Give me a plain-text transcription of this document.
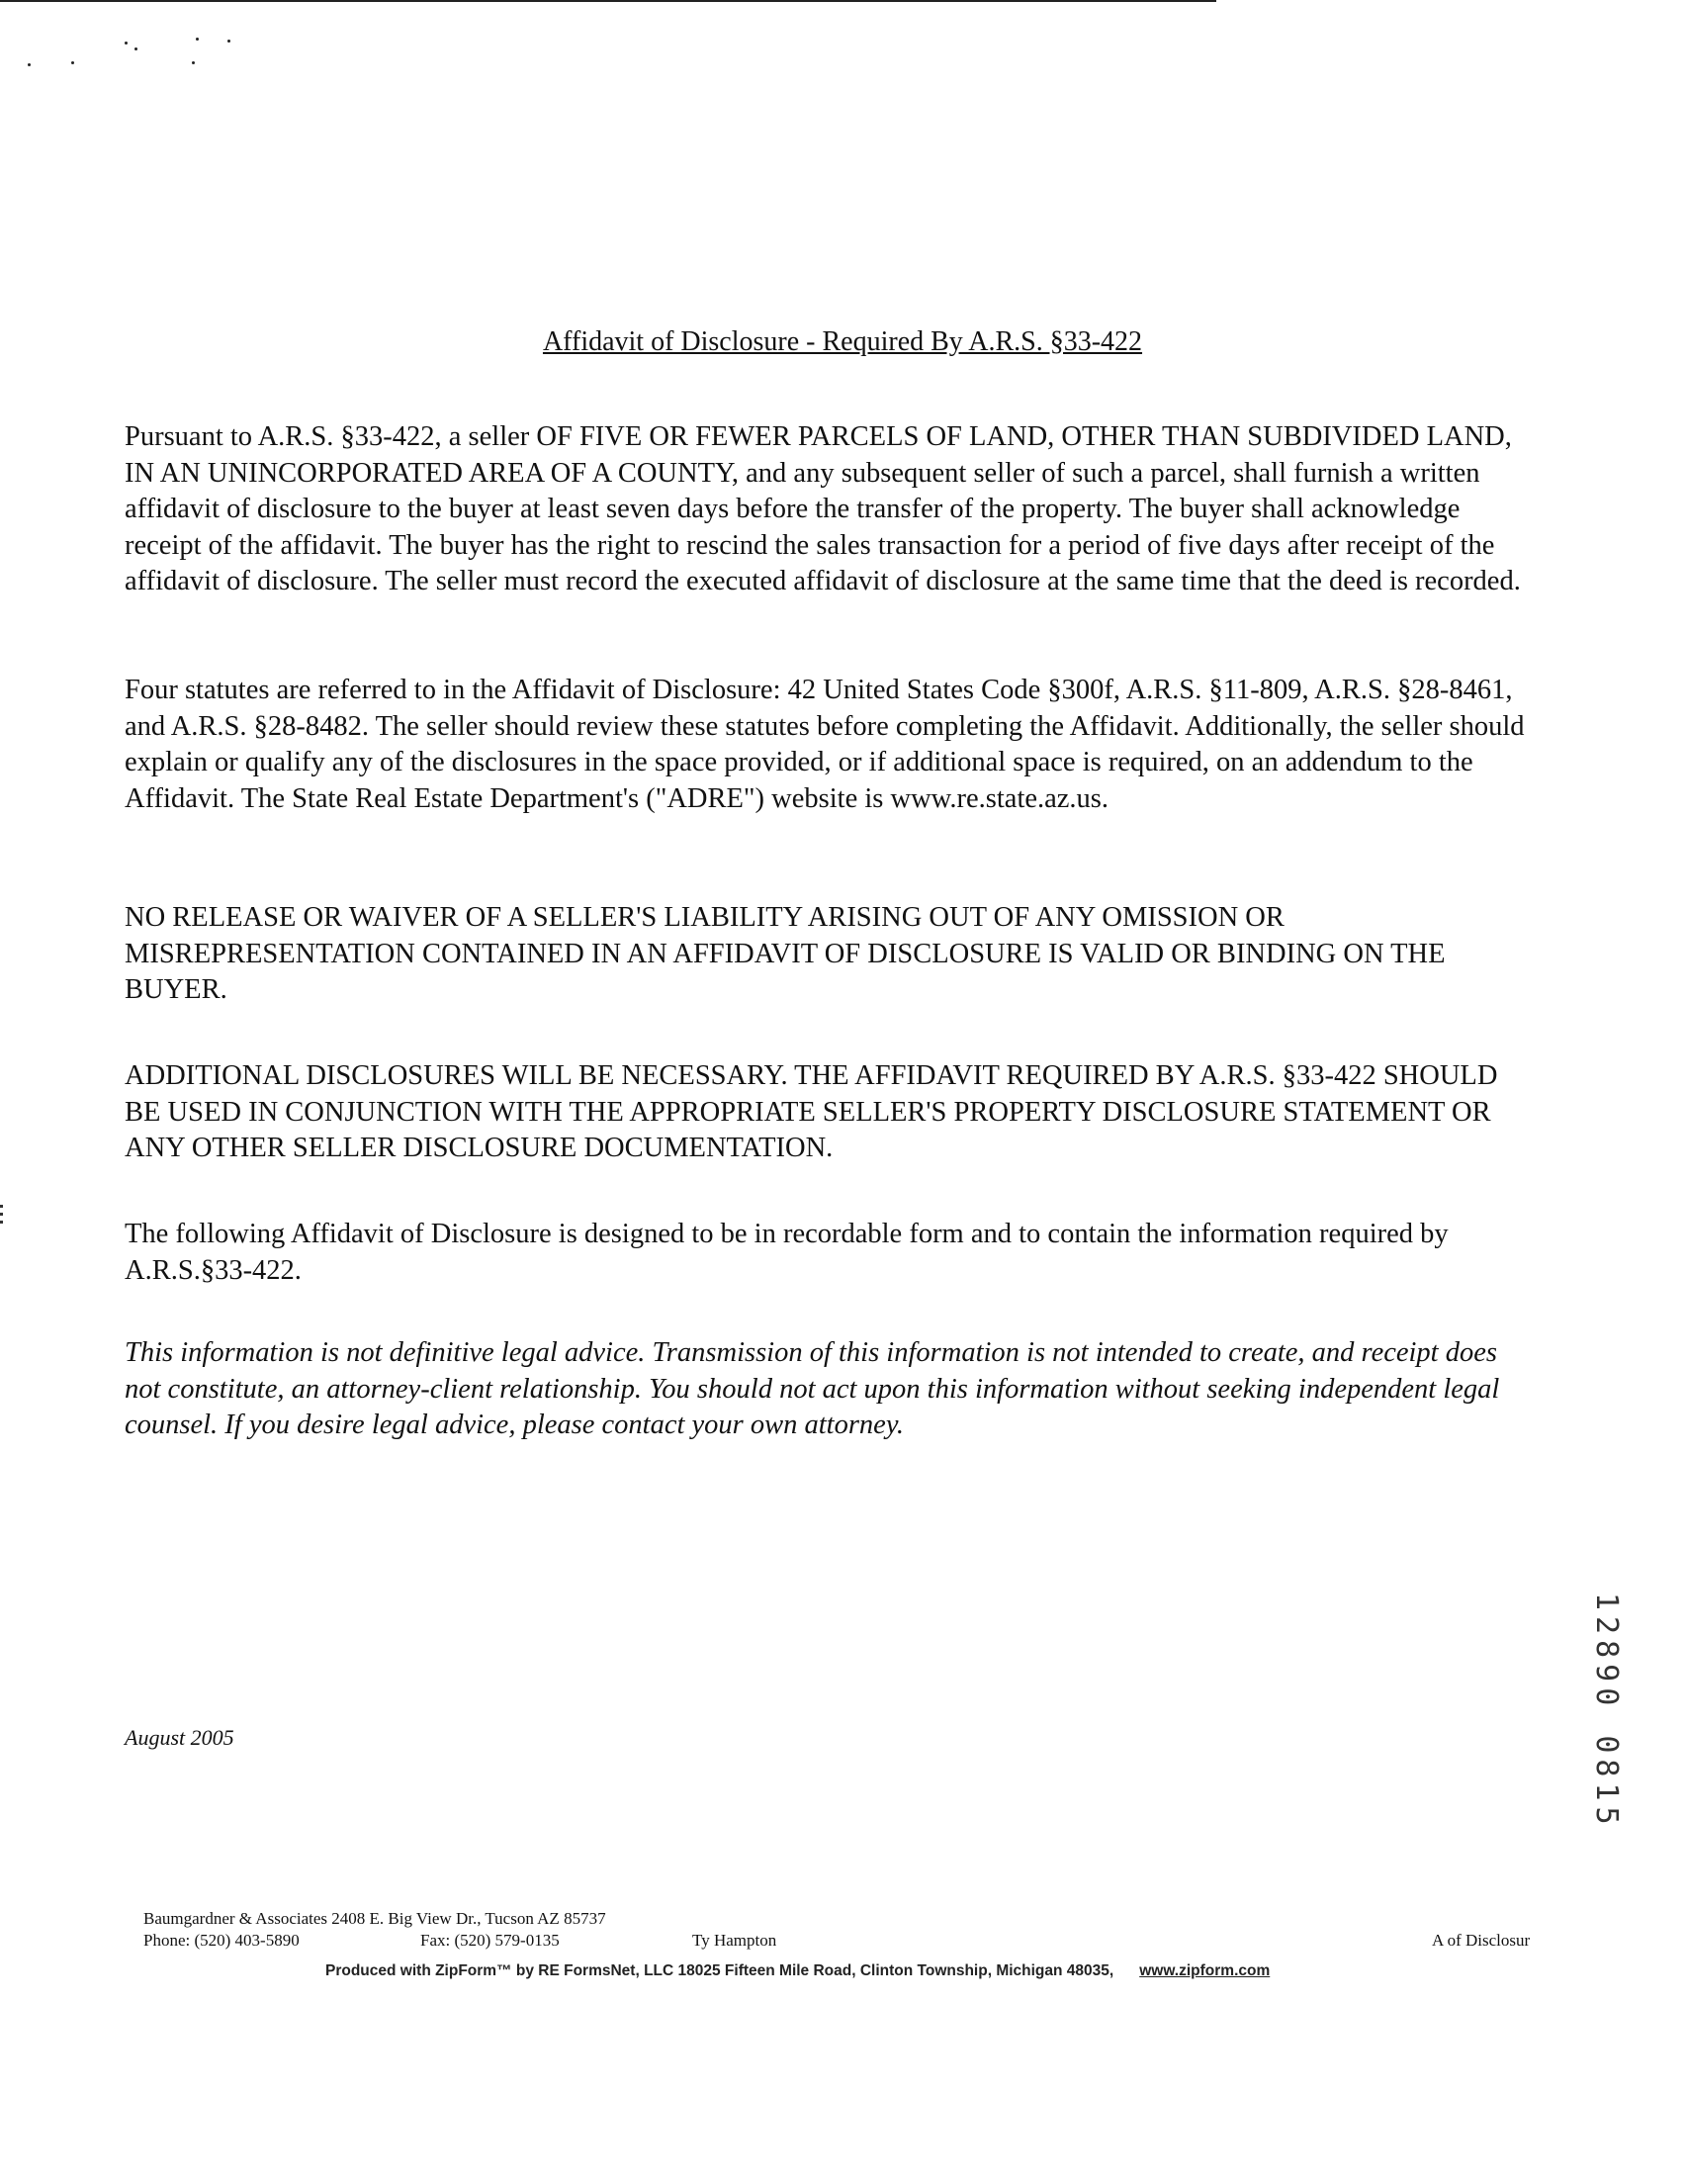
Affidavit of Disclosure - Required By A.R.S. §33-422

Pursuant to A.R.S. §33-422, a seller OF FIVE OR FEWER PARCELS OF LAND, OTHER THAN SUBDIVIDED LAND, IN AN UNINCORPORATED AREA OF A COUNTY, and any subsequent seller of such a parcel, shall furnish a written affidavit of disclosure to the buyer at least seven days before the transfer of the property. The buyer shall acknowledge receipt of the affidavit. The buyer has the right to rescind the sales transaction for a period of five days after receipt of the affidavit of disclosure. The seller must record the executed affidavit of disclosure at the same time that the deed is recorded.

Four statutes are referred to in the Affidavit of Disclosure: 42 United States Code §300f, A.R.S. §11-809, A.R.S. §28-8461, and A.R.S. §28-8482. The seller should review these statutes before completing the Affidavit. Additionally, the seller should explain or qualify any of the disclosures in the space provided, or if additional space is required, on an addendum to the Affidavit. The State Real Estate Department's ("ADRE") website is www.re.state.az.us.

NO RELEASE OR WAIVER OF A SELLER'S LIABILITY ARISING OUT OF ANY OMISSION OR MISREPRESENTATION CONTAINED IN AN AFFIDAVIT OF DISCLOSURE IS VALID OR BINDING ON THE BUYER.

ADDITIONAL DISCLOSURES WILL BE NECESSARY. THE AFFIDAVIT REQUIRED BY A.R.S. §33-422 SHOULD BE USED IN CONJUNCTION WITH THE APPROPRIATE SELLER'S PROPERTY DISCLOSURE STATEMENT OR ANY OTHER SELLER DISCLOSURE DOCUMENTATION.

The following Affidavit of Disclosure is designed to be in recordable form and to contain the information required by A.R.S.§33-422.

This information is not definitive legal advice. Transmission of this information is not intended to create, and receipt does not constitute, an attorney-client relationship. You should not act upon this information without seeking independent legal counsel. If you desire legal advice, please contact your own attorney.

August 2005	12890 0815
Baumgardner & Associates 2408 E. Big View Dr., Tucson AZ 85737
Phone: (520) 403-5890	Fax: (520) 579-0135	Ty Hampton	A of Disclosur
Produced with ZipForm™ by RE FormsNet, LLC 18025 Fifteen Mile Road, Clinton Township, Michigan 48035, www.zipform.com
